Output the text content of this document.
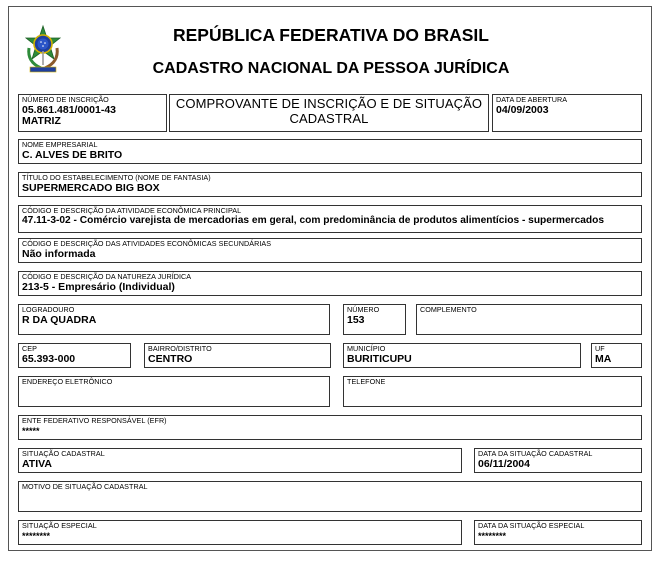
REPÚBLICA FEDERATIVA DO BRASIL
CADASTRO NACIONAL DA PESSOA JURÍDICA
NÚMERO DE INSCRIÇÃO
05.861.481/0001-43
MATRIZ
COMPROVANTE DE INSCRIÇÃO E DE SITUAÇÃO
CADASTRAL
DATA DE ABERTURA
04/09/2003
NOME EMPRESARIAL
C. ALVES DE BRITO
TÍTULO DO ESTABELECIMENTO (NOME DE FANTASIA)
SUPERMERCADO BIG BOX
CÓDIGO E DESCRIÇÃO DA ATIVIDADE ECONÔMICA PRINCIPAL
47.11-3-02 - Comércio varejista de mercadorias em geral, com predominância de produtos alimentícios - supermercados
CÓDIGO E DESCRIÇÃO DAS ATIVIDADES ECONÔMICAS SECUNDÁRIAS
Não informada
CÓDIGO E DESCRIÇÃO DA NATUREZA JURÍDICA
213-5 - Empresário (Individual)
LOGRADOURO
R DA QUADRA
NÚMERO
153
COMPLEMENTO
CEP
65.393-000
BAIRRO/DISTRITO
CENTRO
MUNICÍPIO
BURITICUPU
UF
MA
ENDEREÇO ELETRÔNICO	TELEFONE
ENTE FEDERATIVO RESPONSÁVEL (EFR)
*****
SITUAÇÃO CADASTRAL
ATIVA
DATA DA SITUAÇÃO CADASTRAL
06/11/2004
MOTIVO DE SITUAÇÃO CADASTRAL
SITUAÇÃO ESPECIAL
********
DATA DA SITUAÇÃO ESPECIAL
********
